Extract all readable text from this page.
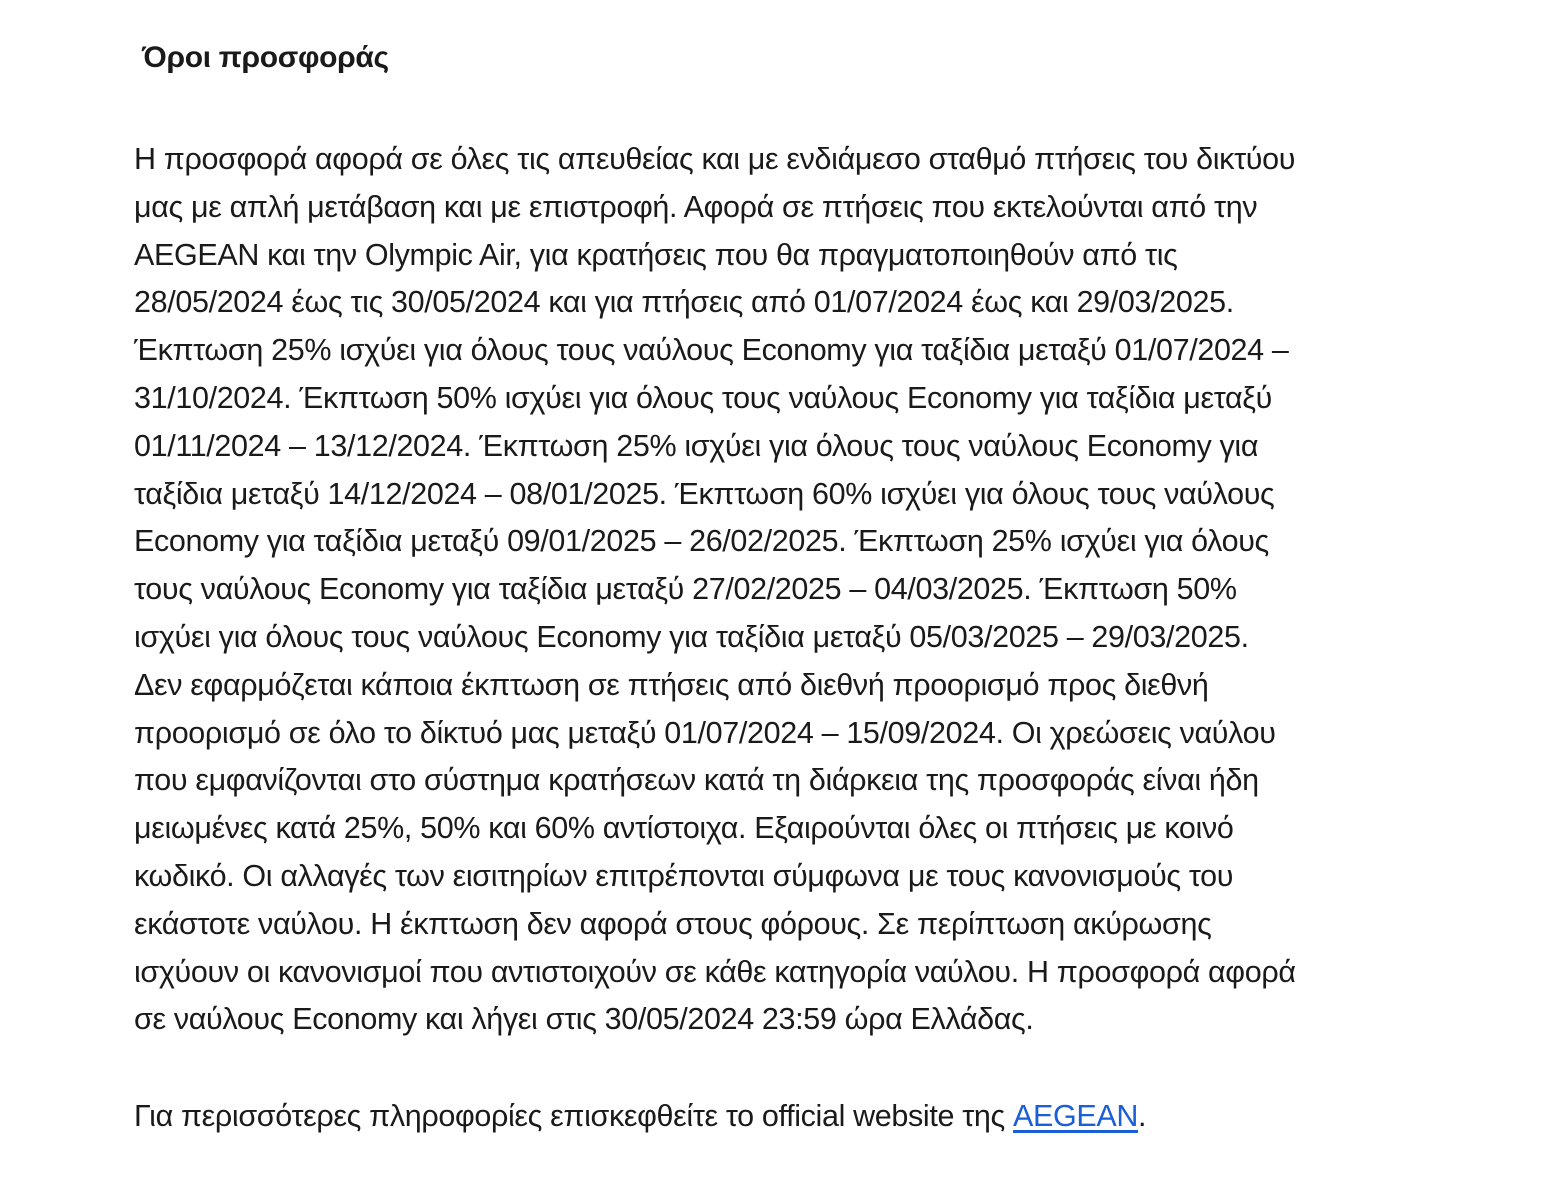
Όροι προσφοράς

Η προσφορά αφορά σε όλες τις απευθείας και με ενδιάμεσο σταθμό πτήσεις του δικτύου
μας με απλή μετάβαση και με επιστροφή. Αφορά σε πτήσεις που εκτελούνται από την
AEGEAN και την Olympic Air, για κρατήσεις που θα πραγματοποιηθούν από τις
28/05/2024 έως τις 30/05/2024 και για πτήσεις από 01/07/2024 έως και 29/03/2025.
Έκπτωση 25% ισχύει για όλους τους ναύλους Economy για ταξίδια μεταξύ 01/07/2024 –
31/10/2024. Έκπτωση 50% ισχύει για όλους τους ναύλους Economy για ταξίδια μεταξύ
01/11/2024 – 13/12/2024. Έκπτωση 25% ισχύει για όλους τους ναύλους Economy για
ταξίδια μεταξύ 14/12/2024 – 08/01/2025. Έκπτωση 60% ισχύει για όλους τους ναύλους
Economy για ταξίδια μεταξύ 09/01/2025 – 26/02/2025. Έκπτωση 25% ισχύει για όλους
τους ναύλους Economy για ταξίδια μεταξύ 27/02/2025 – 04/03/2025. Έκπτωση 50%
ισχύει για όλους τους ναύλους Economy για ταξίδια μεταξύ 05/03/2025 – 29/03/2025.
Δεν εφαρμόζεται κάποια έκπτωση σε πτήσεις από διεθνή προορισμό προς διεθνή
προορισμό σε όλο το δίκτυό μας μεταξύ 01/07/2024 – 15/09/2024. Οι χρεώσεις ναύλου
που εμφανίζονται στο σύστημα κρατήσεων κατά τη διάρκεια της προσφοράς είναι ήδη
μειωμένες κατά 25%, 50% και 60% αντίστοιχα. Εξαιρούνται όλες οι πτήσεις με κοινό
κωδικό. Οι αλλαγές των εισιτηρίων επιτρέπονται σύμφωνα με τους κανονισμούς του
εκάστοτε ναύλου. Η έκπτωση δεν αφορά στους φόρους. Σε περίπτωση ακύρωσης
ισχύουν οι κανονισμοί που αντιστοιχούν σε κάθε κατηγορία ναύλου. Η προσφορά αφορά
σε ναύλους Economy και λήγει στις 30/05/2024 23:59 ώρα Ελλάδας.

Για περισσότερες πληροφορίες επισκεφθείτε το official website της AEGEAN.
